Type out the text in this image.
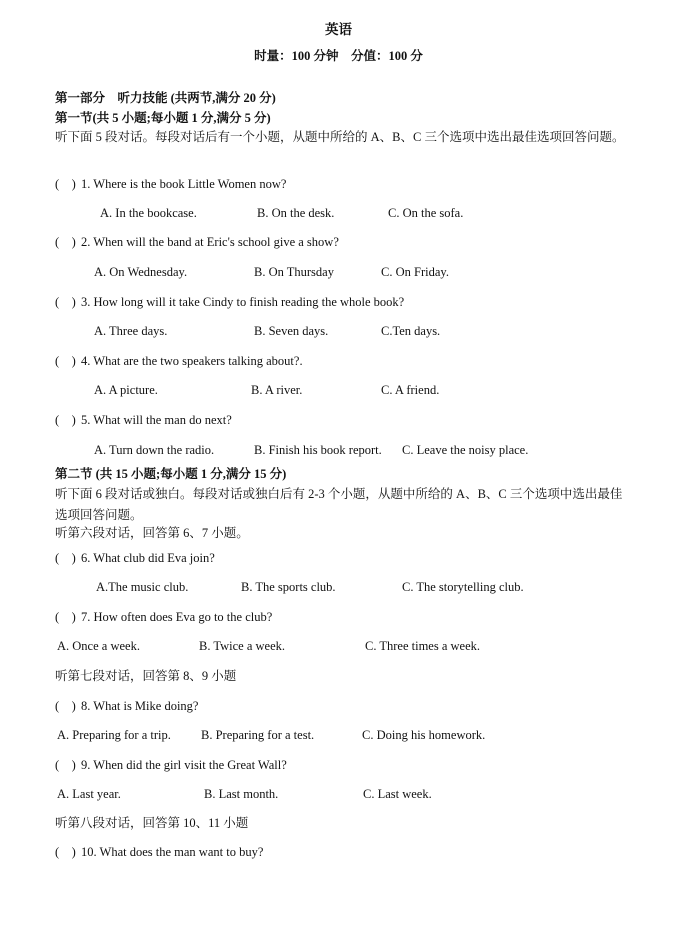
英语
时量：100 分钟　分值：100 分
第一部分　听力技能 (共两节,满分 20 分)
第一节(共 5 小题;每小题 1 分,满分 5 分)
听下面 5 段对话。每段对话后有一个小题，从题中所给的 A、B、C 三个选项中选出最佳选项回答问题。
(　) 1. Where is the book Little Women now?
A. In the bookcase.	B. On the desk.	C. On the sofa.
(　) 2. When will the band at Eric's school give a show?
A. On Wednesday.	B. On Thursday	C. On Friday.
(　) 3. How long will it take Cindy to finish reading the whole book?
A. Three days.	B. Seven days.	C.Ten days.
(　) 4. What are the two speakers talking about?.
A. A picture.	B. A river.	C. A friend.
(　) 5. What will the man do next?
A. Turn down the radio.	B. Finish his book report. C. Leave the noisy place.
第二节 (共 15 小题;每小题 1 分,满分 15 分)
听下面 6 段对话或独白。每段对话或独白后有 2-3 个小题，从题中所给的 A、B、C 三个选项中选出最佳选项回答问题。
听第六段对话，回答第 6、7 小题。
(　) 6. What club did Eva join?
A.The music club.	B. The sports club.	C. The storytelling club.
(　) 7. How often does Eva go to the club?
A. Once a week.	B. Twice a week.	C. Three times a week.
听第七段对话，回答第 8、9 小题
(　) 8. What is Mike doing?
A. Preparing for a trip. B. Preparing for a test.	C. Doing his homework.
(　) 9. When did the girl visit the Great Wall?
A. Last year.	B. Last month.	C. Last week.
听第八段对话，回答第 10、11 小题
(　) 10. What does the man want to buy?
